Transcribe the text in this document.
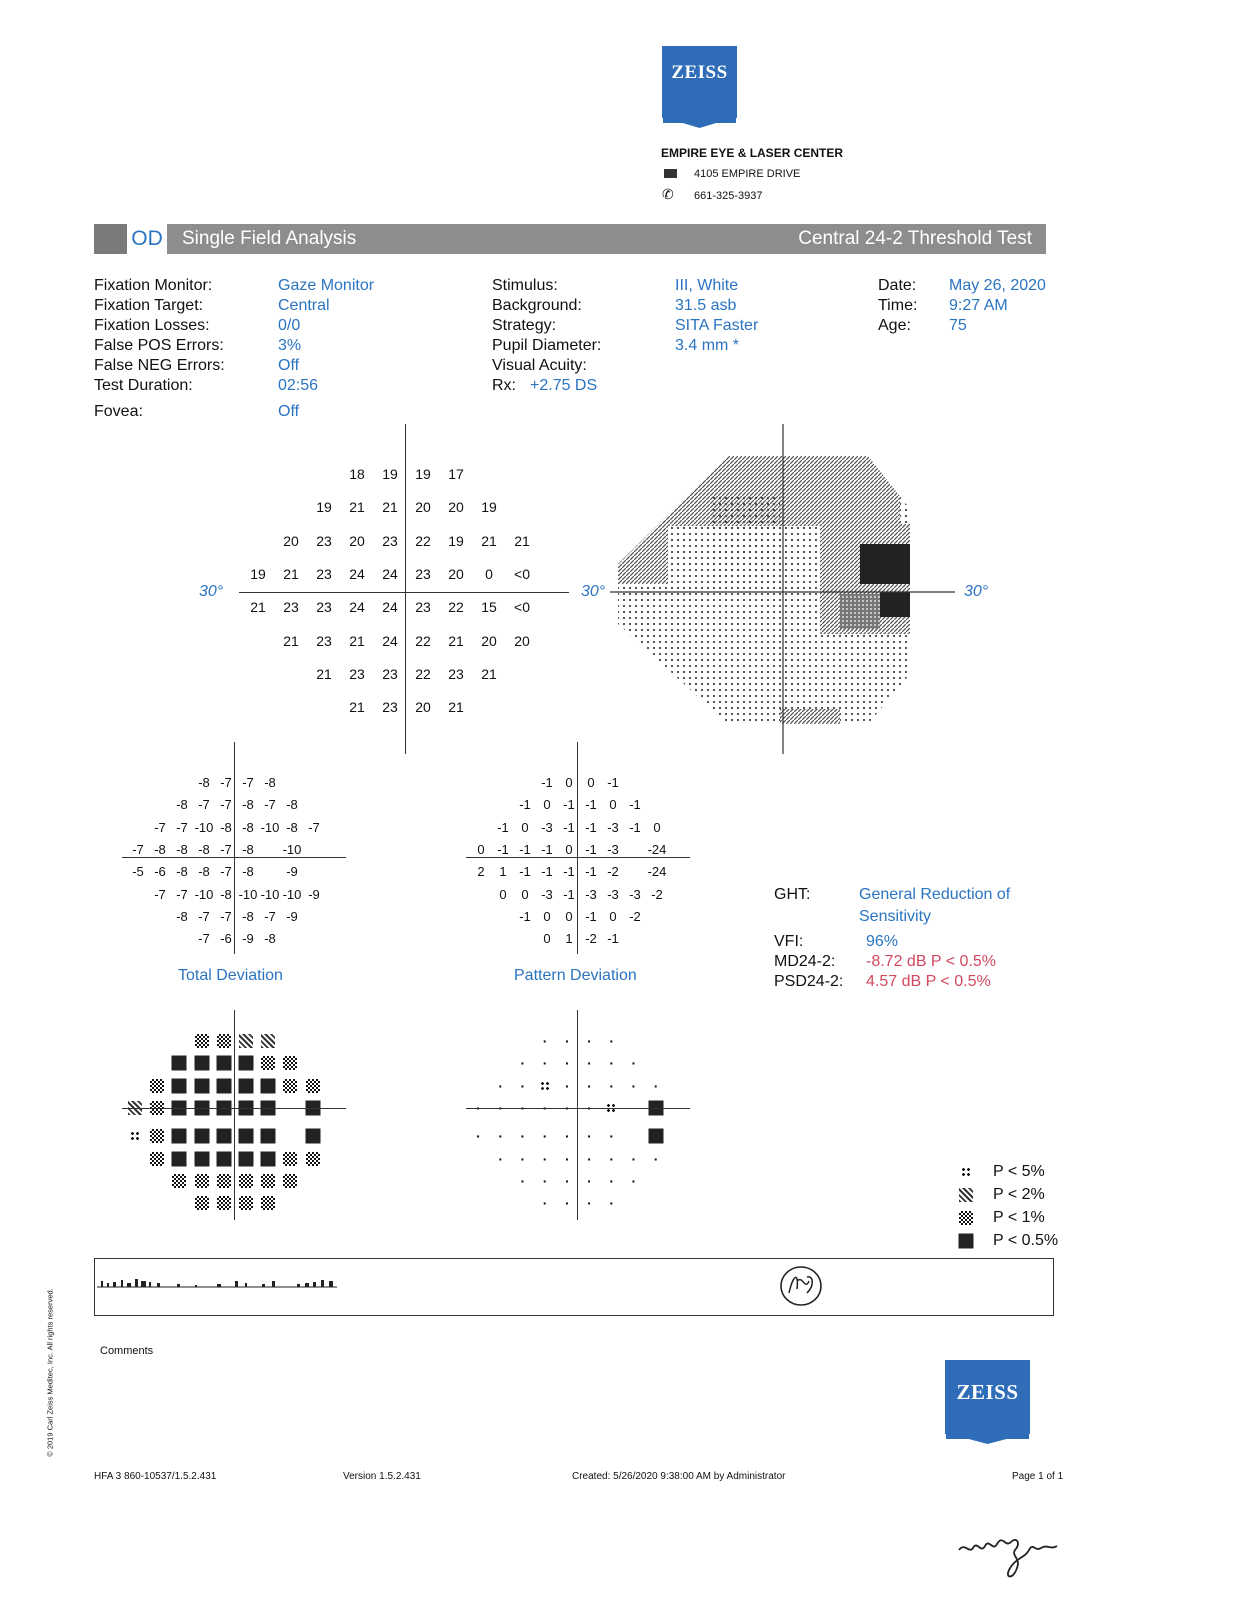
ZEISS
EMPIRE EYE & LASER CENTER
4105 EMPIRE DRIVE
✆ 661-325-3937
OD Single Field Analysis	Central 24-2 Threshold Test
Fixation Monitor:	Gaze Monitor
Fixation Target:	Central
Fixation Losses:	0/0
False POS Errors:	3%
False NEG Errors:	Off
Test Duration:	02:56
Fovea:	Off
Stimulus:	III, White
Background:	31.5 asb
Strategy:	SITA Faster
Pupil Diameter:	3.4 mm *
Visual Acuity:
Rx: +2.75 DS
Date: May 26, 2020
Time: 9:27 AM
Age: 75
18 19 19 17
19 21 21 20 20 19
20 23 20 23 22 19 21 21
19 21 23 24 24 23 20 0 <0
21 23 23 24 24 23 22 15 <0
21 23 21 24 22 21 20 20
21 23 23 22 23 21
21 23 20 21
30°	30°	30°
-8 -7 -7 -8
-8 -7 -7 -8 -7 -8
-7 -7 -10 -8 -8 -10 -8 -7
-7 -8 -8 -8 -7 -8 -10
-5 -6 -8 -8 -7 -8 -9
-7 -7 -10 -8 -10 -10 -10 -9
-8 -7 -7 -8 -7 -9
-7 -6 -9 -8
Total Deviation
-1 0 0 -1
-1 0 -1 -1 0 -1
-1 0 -3 -1 -1 -3 -1 0
0 -1 -1 -1 0 -1 -3 -24
2 1 -1 -1 -1 -1 -2 -24
0 0 -3 -1 -3 -3 -3 -2
-1 0 0 -1 0 -2
0 1 -2 -1
Pattern Deviation
· · · ·
· · · · · ·
· ·	· · · · ·
· · · · · · ·
· · · · · · · ·
· · · · · ·
· · · ·
GHT:	General Reduction of
Sensitivity
VFI:	96%
MD24-2: -8.72 dB P < 0.5%
PSD24-2: 4.57 dB P < 0.5%
P < 5%
P < 2%
P < 1%
P < 0.5%
Comments
ZEISS
© 2019 Carl Zeiss Meditec, Inc. All rights reserved.
HFA 3 860-10537/1.5.2.431	Version 1.5.2.431	Created: 5/26/2020 9:38:00 AM by Administrator	Page 1 of 1
